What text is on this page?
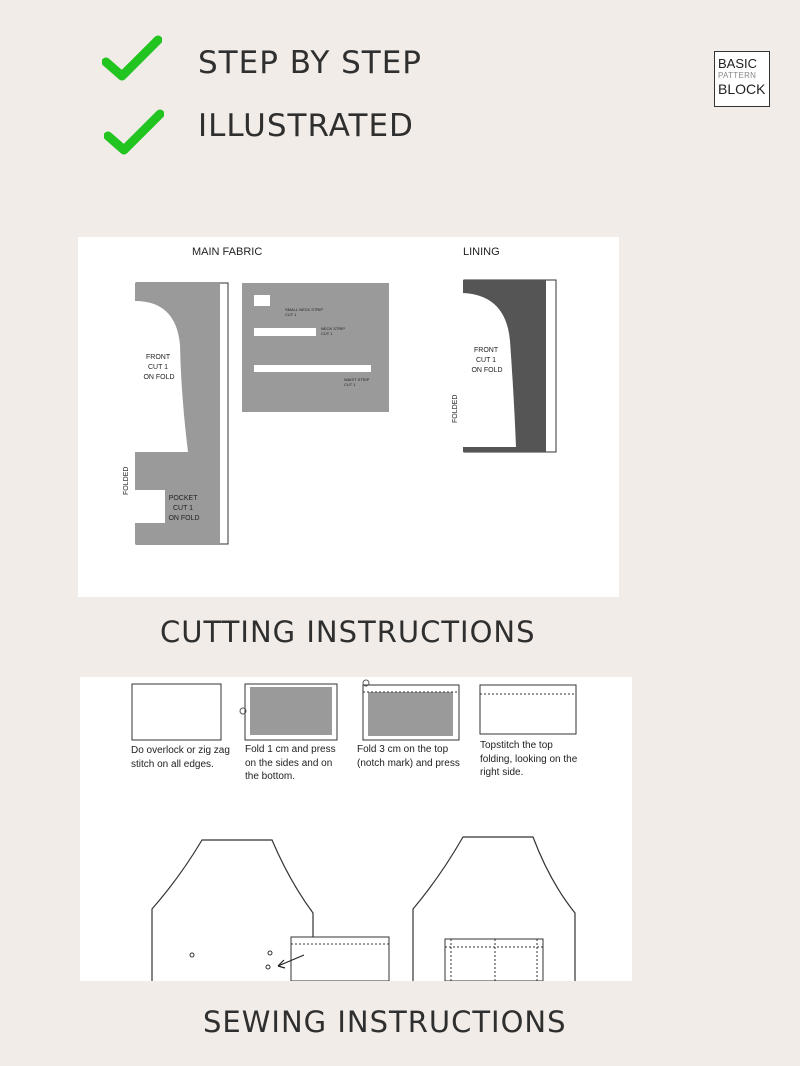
STEP BY STEP
ILLUSTRATED
BASIC
PATTERN
BLOCK
MAIN FABRIC	LINING
FRONT CUT 1 ON FOLD
POCKET CUT 1 ON FOLD
FOLDED
SMALL NECK STRIP CUT 1
NECK STRIP CUT 1
WAIST STRIP CUT 1
FRONT CUT 1 ON FOLD
FOLDED
CUTTING INSTRUCTIONS
Do overlock or zig zag
stitch on all edges.
Fold 1 cm and press
on the sides and on
the bottom.
Fold 3 cm on the top
(notch mark) and press
Topstitch the top
folding, looking on the
right side.
SEWING INSTRUCTIONS
